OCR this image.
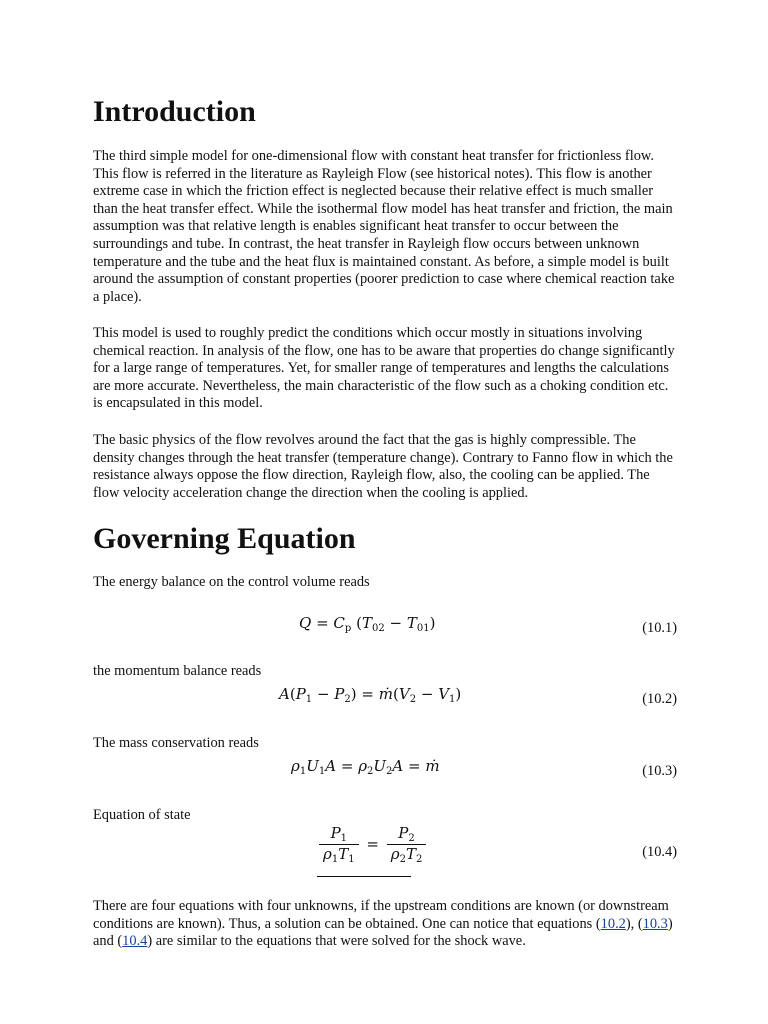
Introduction

The third simple model for one-dimensional flow with constant heat transfer for frictionless flow. This flow is referred in the literature as Rayleigh Flow (see historical notes). This flow is another extreme case in which the friction effect is neglected because their relative effect is much smaller than the heat transfer effect. While the isothermal flow model has heat transfer and friction, the main assumption was that relative length is enables significant heat transfer to occur between the surroundings and tube. In contrast, the heat transfer in Rayleigh flow occurs between unknown temperature and the tube and the heat flux is maintained constant. As before, a simple model is built around the assumption of constant properties (poorer prediction to case where chemical reaction take a place).

This model is used to roughly predict the conditions which occur mostly in situations involving chemical reaction. In analysis of the flow, one has to be aware that properties do change significantly for a large range of temperatures. Yet, for smaller range of temperatures and lengths the calculations are more accurate. Nevertheless, the main characteristic of the flow such as a choking condition etc. is encapsulated in this model.

The basic physics of the flow revolves around the fact that the gas is highly compressible. The density changes through the heat transfer (temperature change). Contrary to Fanno flow in which the resistance always oppose the flow direction, Rayleigh flow, also, the cooling can be applied. The flow velocity acceleration change the direction when the cooling is applied.

Governing Equation
The energy balance on the control volume reads
$Q = C_p$ $(T_{02} - T_{01})$	(10.1)
the momentum balance reads
$A(P_1 - P_2)$ = $ṁ(V_2 - V_1)$	(10.2)
The mass conservation reads
$\rho_1U_1A = \rho_2U_2A$ = ṁ	(10.3)
Equation of state
$\frac{P_1}{\rho_1T_1} = \frac{P_2}{\rho_2T_2}$	(10.4)

There are four equations with four unknowns, if the upstream conditions are known (or downstream conditions are known). Thus, a solution can be obtained. One can notice that equations (10.2), (10.3) and (10.4) are similar to the equations that were solved for the shock wave.
